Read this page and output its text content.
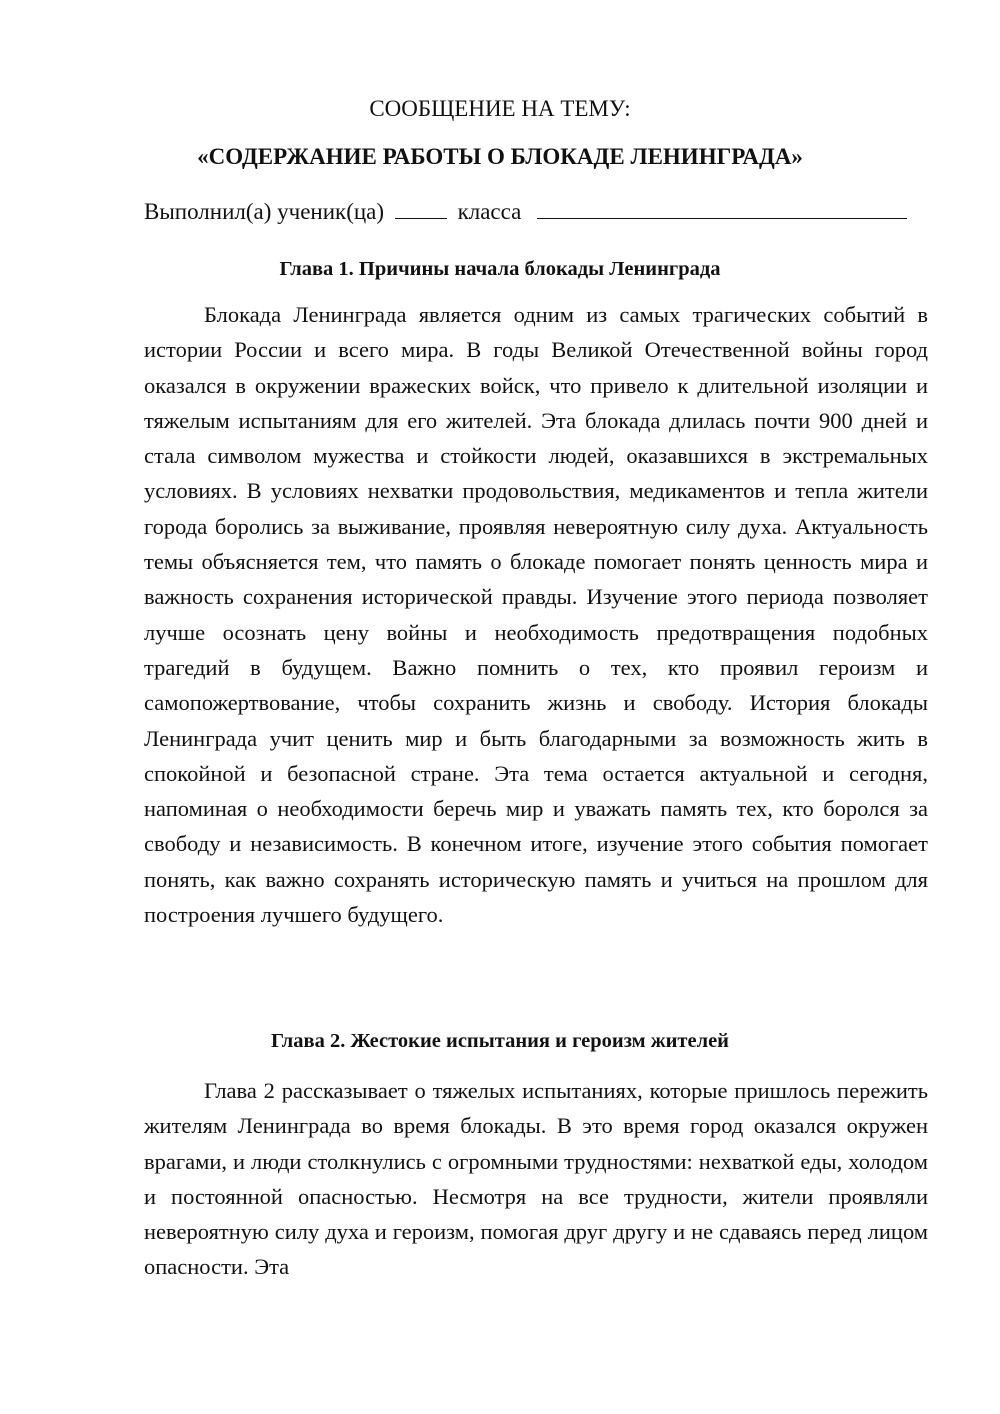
СООБЩЕНИЕ НА ТЕМУ:
«СОДЕРЖАНИЕ РАБОТЫ О БЛОКАДЕ ЛЕНИНГРАДА»
Выполнил(а) ученик(ца)	класса
Глава 1. Причины начала блокады Ленинграда

Блокада Ленинграда является одним из самых трагических событий в истории России и всего мира. В годы Великой Отечественной войны город оказался в окружении вражеских войск, что привело к длительной изоляции и тяжелым испытаниям для его жителей. Эта блокада длилась почти 900 дней и стала символом мужества и стойкости людей, оказавшихся в экстремальных условиях. В условиях нехватки продовольствия, медикаментов и тепла жители города боролись за выживание, проявляя невероятную силу духа. Актуальность темы объясняется тем, что память о блокаде помогает понять ценность мира и важность сохранения исторической правды. Изучение этого периода позволяет лучше осознать цену войны и необходимость предотвращения подобных трагедий в будущем. Важно помнить о тех, кто проявил героизм и самопожертвование, чтобы сохранить жизнь и свободу. История блокады Ленинграда учит ценить мир и быть благодарными за возможность жить в спокойной и безопасной стране. Эта тема остается актуальной и сегодня, напоминая о необходимости беречь мир и уважать память тех, кто боролся за свободу и независимость. В конечном итоге, изучение этого события помогает понять, как важно сохранять историческую память и учиться на прошлом для построения лучшего будущего.

Глава 2. Жестокие испытания и героизм жителей

Глава 2 рассказывает о тяжелых испытаниях, которые пришлось пережить жителям Ленинграда во время блокады. В это время город оказался окружен врагами, и люди столкнулись с огромными трудностями: нехваткой еды, холодом и постоянной опасностью. Несмотря на все трудности, жители проявляли невероятную силу духа и героизм, помогая друг другу и не сдаваясь перед лицом опасности. Эта
